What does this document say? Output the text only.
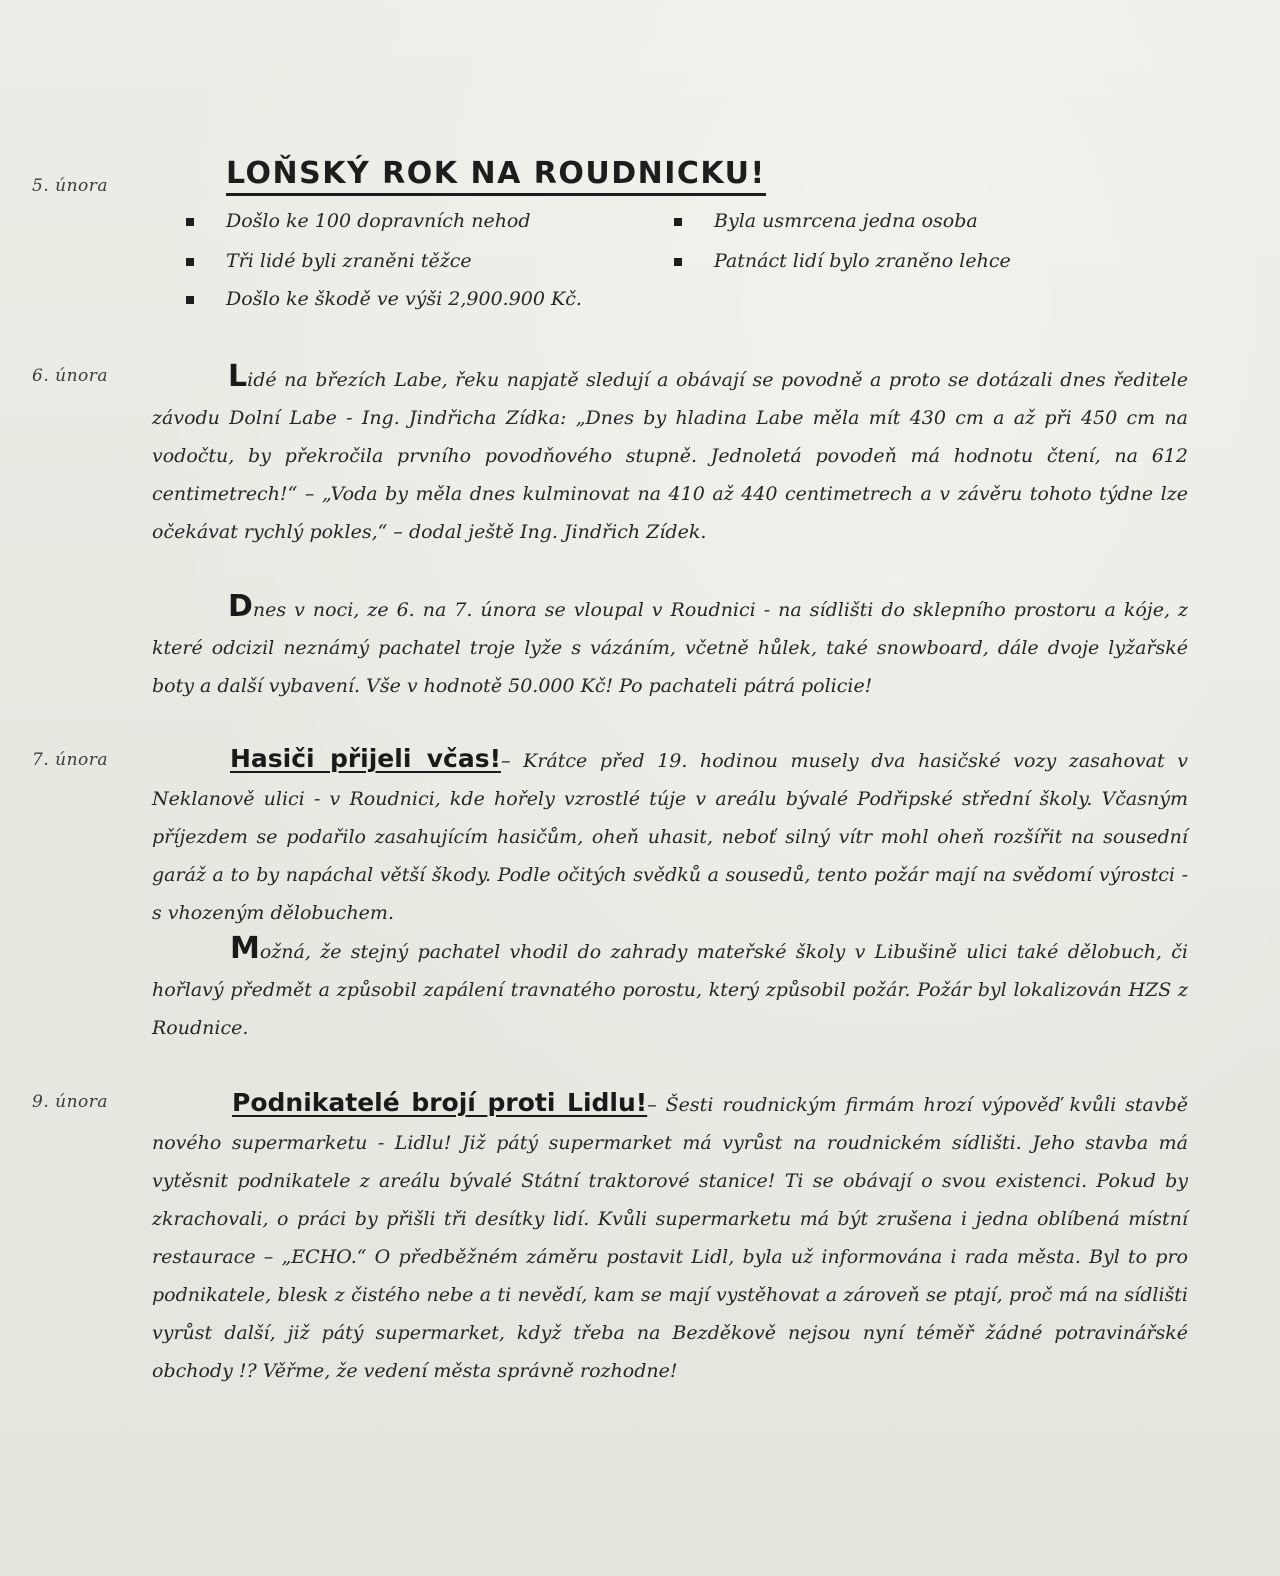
5. února	LOŇSKÝ ROK NA ROUDNICKU!
Došlo ke 100 dopravních nehod
Tři lidé byli zraněni těžce
Došlo ke škodě ve výši 2,900.900 Kč.
Byla usmrcena jedna osoba
Patnáct lidí bylo zraněno lehce
6. února	Lidé na březích Labe, řeku napjatě sledují a obávají se povodně a proto se dotázali dnes ředitele závodu Dolní Labe - Ing. Jindřicha Zídka: „Dnes by hladina Labe měla mít 430 cm a až při 450 cm na vodočtu, by překročila prvního povodňového stupně. Jednoletá povodeň má hodnotu čtení, na 612 centimetrech!“ – „Voda by měla dnes kulminovat na 410 až 440 centimetrech a v závěru tohoto týdne lze očekávat rychlý pokles,“ – dodal ještě Ing. Jindřich Zídek.
Dnes v noci, ze 6. na 7. února se vloupal v Roudnici - na sídlišti do sklepního prostoru a kóje, z které odcizil neznámý pachatel troje lyže s vázáním, včetně hůlek, také snowboard, dále dvoje lyžařské boty a další vybavení. Vše v hodnotě 50.000 Kč! Po pachateli pátrá policie!
7. února	Hasiči přijeli včas!– Krátce před 19. hodinou musely dva hasičské vozy zasahovat v Neklanově ulici - v Roudnici, kde hořely vzrostlé túje v areálu bývalé Podřipské střední školy. Včasným příjezdem se podařilo zasahujícím hasičům, oheň uhasit, neboť silný vítr mohl oheň rozšířit na sousední garáž a to by napáchal větší škody. Podle očitých svědků a sousedů, tento požár mají na svědomí výrostci - s vhozeným dělobuchem.
Možná, že stejný pachatel vhodil do zahrady mateřské školy v Libušině ulici také dělobuch, či hořlavý předmět a způsobil zapálení travnatého porostu, který způsobil požár. Požár byl lokalizován HZS z Roudnice.
9. února	Podnikatelé brojí proti Lidlu!– Šesti roudnickým firmám hrozí výpověď kvůli stavbě nového supermarketu - Lidlu! Již pátý supermarket má vyrůst na roudnickém sídlišti. Jeho stavba má vytěsnit podnikatele z areálu bývalé Státní traktorové stanice! Ti se obávají o svou existenci. Pokud by zkrachovali, o práci by přišli tři desítky lidí. Kvůli supermarketu má být zrušena i jedna oblíbená místní restaurace – „ECHO.“ O předběžném záměru postavit Lidl, byla už informována i rada města. Byl to pro podnikatele, blesk z čistého nebe a ti nevědí, kam se mají vystěhovat a zároveň se ptají, proč má na sídlišti vyrůst další, již pátý supermarket, když třeba na Bezděkově nejsou nyní téměř žádné potravinářské obchody !? Věřme, že vedení města správně rozhodne!
